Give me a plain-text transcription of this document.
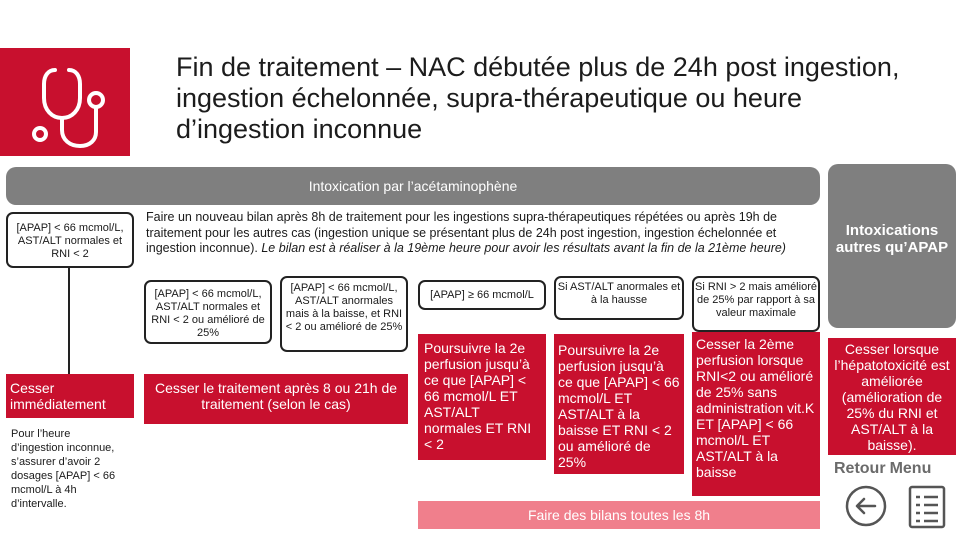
Fin de traitement – NAC débutée plus de 24h post ingestion, ingestion échelonnée, supra-thérapeutique ou heure d’ingestion inconnue
Intoxication par l’acétaminophène
[APAP] < 66 mcmol/L, AST/ALT normales et RNI < 2
Faire un nouveau bilan après 8h de traitement pour les ingestions supra-thérapeutiques répétées ou après 19h de traitement pour les autres cas (ingestion unique se présentant plus de 24h post ingestion, ingestion échelonnée et ingestion inconnue). Le bilan est à réaliser à la 19ème heure pour avoir les résultats avant la fin de la 21ème heure)
[APAP] < 66 mcmol/L, AST/ALT normales et RNI < 2 ou amélioré de 25%
[APAP] < 66 mcmol/L, AST/ALT anormales mais à la baisse, et RNI < 2 ou amélioré de 25%
[APAP] ≥ 66 mcmol/L
Si AST/ALT anormales et à la hausse
Si RNI > 2 mais amélioré de 25% par rapport à sa valeur maximale
Cesser immédiatement
Cesser le traitement après 8 ou 21h de traitement (selon le cas)
Poursuivre la 2e perfusion jusqu’à ce que [APAP] < 66 mcmol/L ET AST/ALT normales ET RNI < 2
Poursuivre la 2e perfusion jusqu’à ce que [APAP] < 66 mcmol/L ET AST/ALT à la baisse ET RNI < 2 ou amélioré de 25%
Cesser la 2ème perfusion lorsque RNI<2 ou amélioré de 25% sans administration vit.K ET [APAP] < 66 mcmol/L ET AST/ALT à la baisse
Pour l’heure d’ingestion inconnue, s’assurer d’avoir 2 dosages [APAP] < 66 mcmol/L à 4h d’intervalle.
Faire des bilans toutes les 8h
Intoxications autres qu’APAP
Cesser lorsque l’hépatotoxicité est améliorée (amélioration de 25% du RNI et AST/ALT à la baisse).
Retour Menu
